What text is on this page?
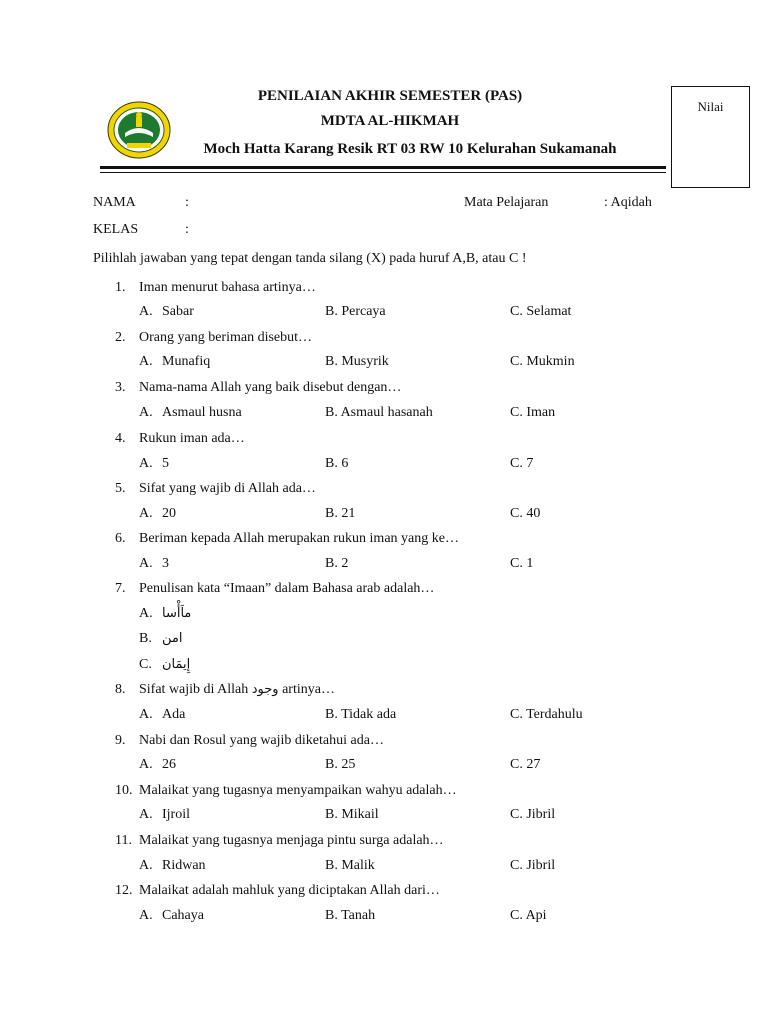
PENILAIAN AKHIR SEMESTER (PAS)
MDTA AL-HIKMAH
Moch Hatta Karang Resik RT 03 RW 10 Kelurahan Sukamanah
Nilai
NAMA	:	Mata Pelajaran	: Aqidah
KELAS	:
Pilihlah jawaban yang tepat dengan tanda silang (X) pada huruf A,B, atau C !
1. Iman menurut bahasa artinya…
A. Sabar	B. Percaya	C. Selamat
2. Orang yang beriman disebut…
A. Munafiq	B. Musyrik	C. Mukmin
3. Nama-nama Allah yang baik disebut dengan…
A. Asmaul husna	B. Asmaul hasanah	C. Iman
4. Rukun iman ada…
A. 5	B. 6	C. 7
5. Sifat yang wajib di Allah ada…
A. 20	B. 21	C. 40
6. Beriman kepada Allah merupakan rukun iman yang ke…
A. 3	B. 2	C. 1
7. Penulisan kata “Imaan” dalam Bahasa arab adalah…
A. ماَأْسا
B. امن
C. إِيمَان
8. Sifat wajib di Allah وجود artinya…
A. Ada	B. Tidak ada	C. Terdahulu
9. Nabi dan Rosul yang wajib diketahui ada…
A. 26	B. 25	C. 27
10. Malaikat yang tugasnya menyampaikan wahyu adalah…
A. Ijroil	B. Mikail	C. Jibril
11. Malaikat yang tugasnya menjaga pintu surga adalah…
A. Ridwan	B. Malik	C. Jibril
12. Malaikat adalah mahluk yang diciptakan Allah dari…
A. Cahaya	B. Tanah	C. Api
